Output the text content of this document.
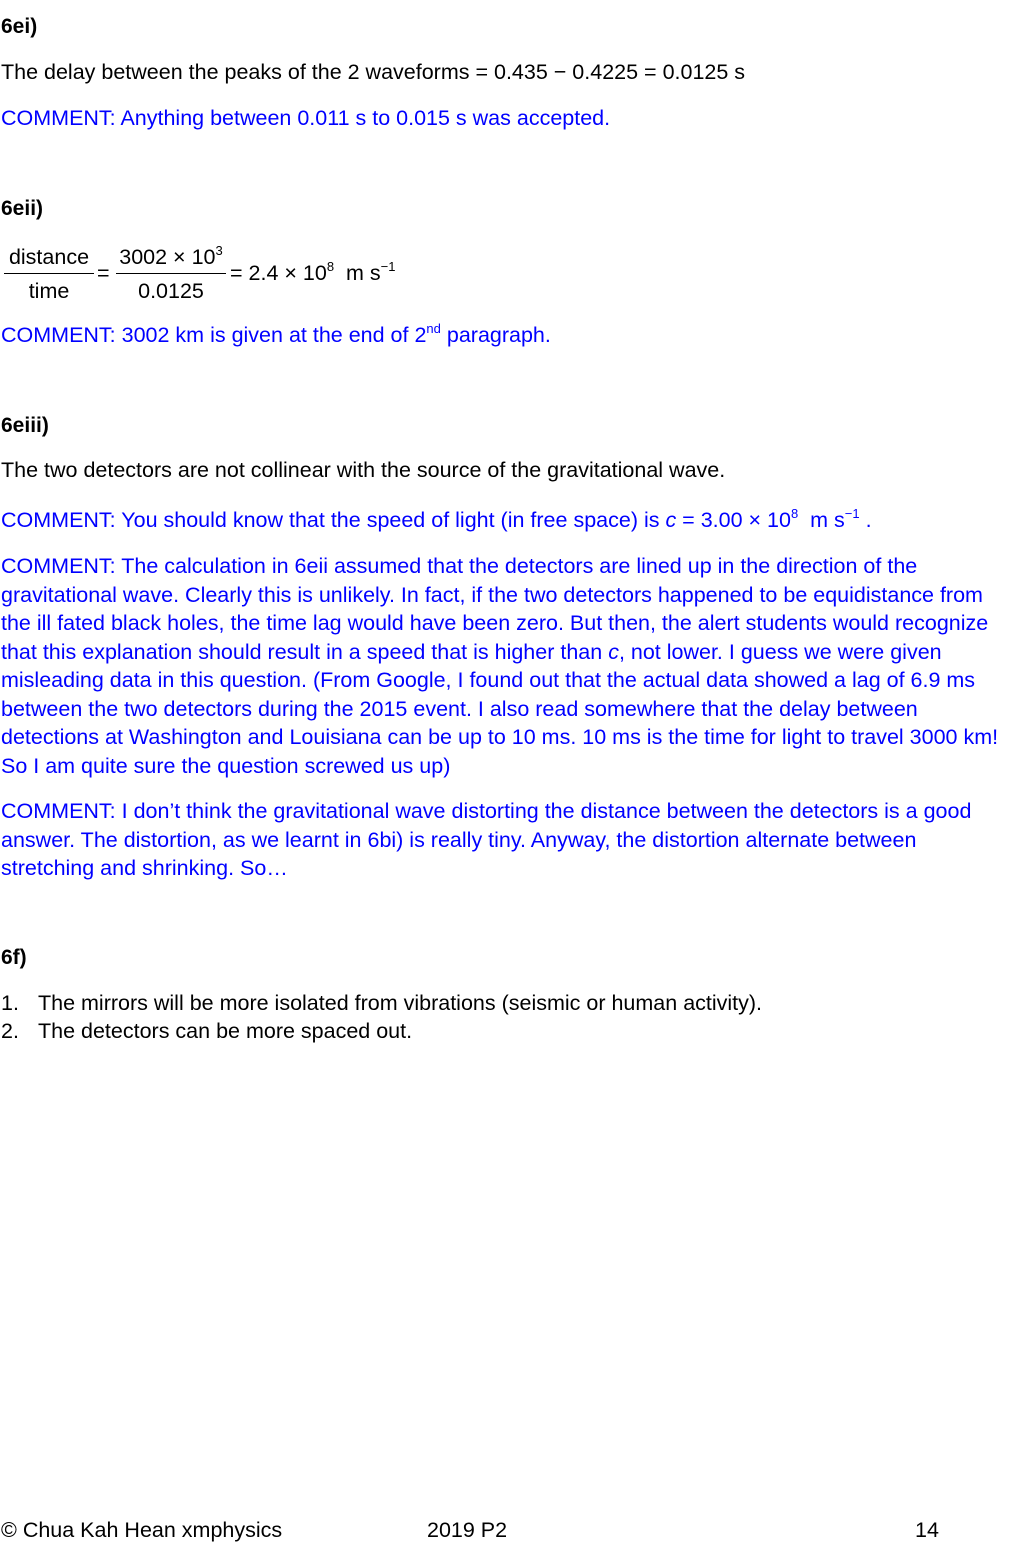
6ei)
The delay between the peaks of the 2 waveforms = 0.435 − 0.4225 = 0.0125 s
COMMENT: Anything between 0.011 s to 0.015 s was accepted.
6eii)
distance
time
=
$3002 \times 10^3$
0.0125
= $2.4 \times 10^8$  m $s^{-1}$
COMMENT: 3002 km is given at the end of 2nd paragraph.
6eiii)
The two detectors are not collinear with the source of the gravitational wave.
COMMENT: You should know that the speed of light (in free space) is $c = 3.00 \times 10^8$  m $s^{-1}$ .
COMMENT: The calculation in 6eii assumed that the detectors are lined up in the direction of the gravitational wave. Clearly this is unlikely. In fact, if the two detectors happened to be equidistance from the ill fated black holes, the time lag would have been zero. But then, the alert students would recognize that this explanation should result in a speed that is higher than c, not lower. I guess we were given misleading data in this question. (From Google, I found out that the actual data showed a lag of 6.9 ms between the two detectors during the 2015 event. I also read somewhere that the delay between detections at Washington and Louisiana can be up to 10 ms. 10 ms is the time for light to travel 3000 km! So I am quite sure the question screwed us up)
COMMENT: I don’t think the gravitational wave distorting the distance between the detectors is a good answer. The distortion, as we learnt in 6bi) is really tiny. Anyway, the distortion alternate between stretching and shrinking. So…
6f)
1. The mirrors will be more isolated from vibrations (seismic or human activity).
2. The detectors can be more spaced out.
© Chua Kah Hean xmphysics	2019 P2	14
